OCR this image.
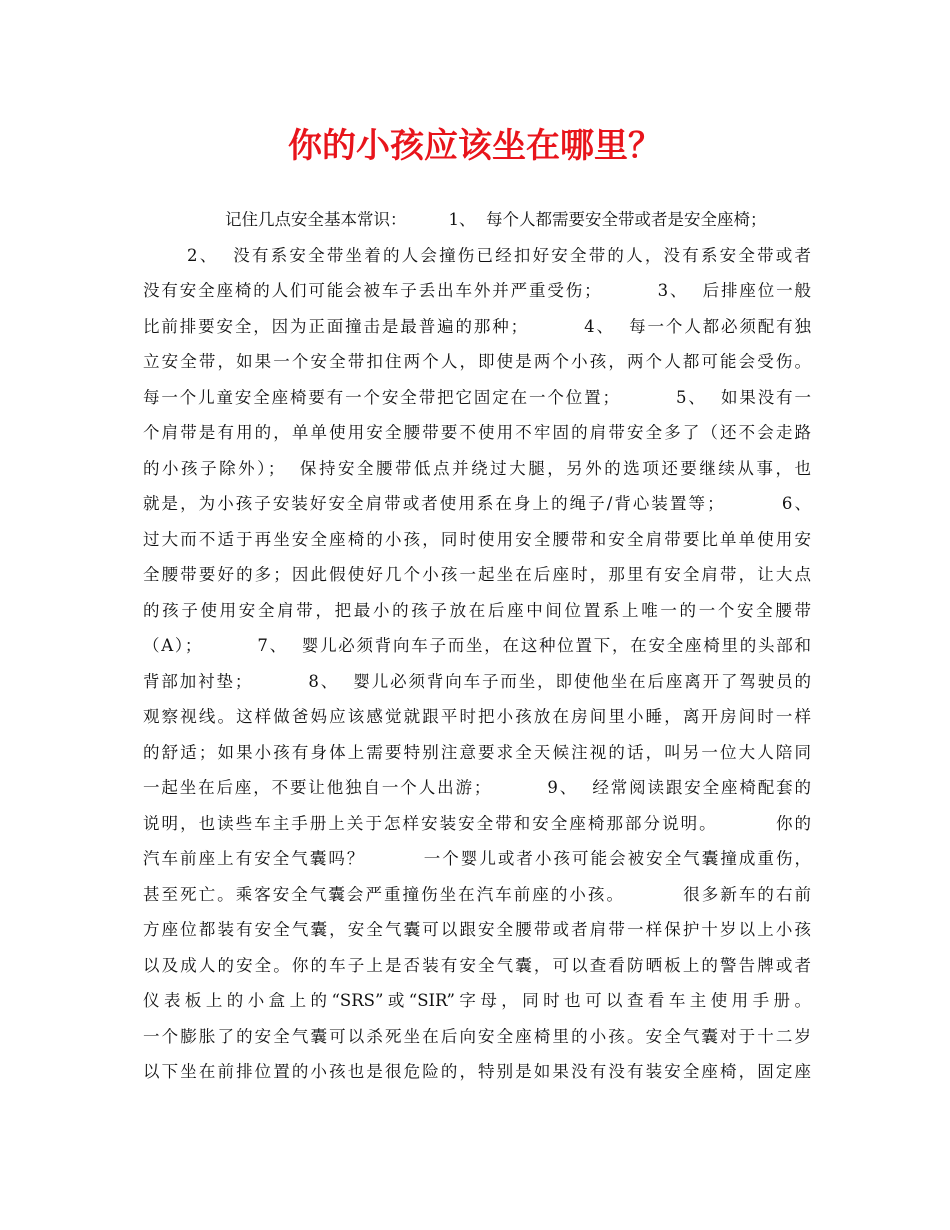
你的小孩应该坐在哪里？
记住几点安全基本常识：        1、  每个人都需要安全带或者是安全座椅；
2、  没有系安全带坐着的人会撞伤已经扣好安全带的人，没有系安全带或者
没有安全座椅的人们可能会被车子丢出车外并严重受伤；        3、  后排座位一般
比前排要安全，因为正面撞击是最普遍的那种；        4、  每一个人都必须配有独
立安全带，如果一个安全带扣住两个人，即使是两个小孩，两个人都可能会受伤。
每一个儿童安全座椅要有一个安全带把它固定在一个位置；        5、  如果没有一
个肩带是有用的，单单使用安全腰带要不使用不牢固的肩带安全多了（还不会走路
的小孩子除外）；  保持安全腰带低点并绕过大腿，另外的选项还要继续从事，也
就是，为小孩子安装好安全肩带或者使用系在身上的绳子/背心装置等；        6、
过大而不适于再坐安全座椅的小孩，同时使用安全腰带和安全肩带要比单单使用安
全腰带要好的多；因此假使好几个小孩一起坐在后座时，那里有安全肩带，让大点
的孩子使用安全肩带，把最小的孩子放在后座中间位置系上唯一的一个安全腰带
（A）；        7、  婴儿必须背向车子而坐，在这种位置下，在安全座椅里的头部和
背部加衬垫；        8、  婴儿必须背向车子而坐，即使他坐在后座离开了驾驶员的
观察视线。这样做爸妈应该感觉就跟平时把小孩放在房间里小睡，离开房间时一样
的舒适；如果小孩有身体上需要特别注意要求全天候注视的话，叫另一位大人陪同
一起坐在后座，不要让他独自一个人出游；        9、  经常阅读跟安全座椅配套的
说明，也读些车主手册上关于怎样安装安全带和安全座椅那部分说明。        你的
汽车前座上有安全气囊吗？        一个婴儿或者小孩可能会被安全气囊撞成重伤，
甚至死亡。乘客安全气囊会严重撞伤坐在汽车前座的小孩。        很多新车的右前
方座位都装有安全气囊，安全气囊可以跟安全腰带或者肩带一样保护十岁以上小孩
以及成人的安全。你的车子上是否装有安全气囊，可以查看防晒板上的警告牌或者
仪表板上的小盒上的“SRS”或“SIR”字母，同时也可以查看车主使用手册。
一个膨胀了的安全气囊可以杀死坐在后向安全座椅里的小孩。安全气囊对于十二岁
以下坐在前排位置的小孩也是很危险的，特别是如果没有没有装安全座椅，固定座
